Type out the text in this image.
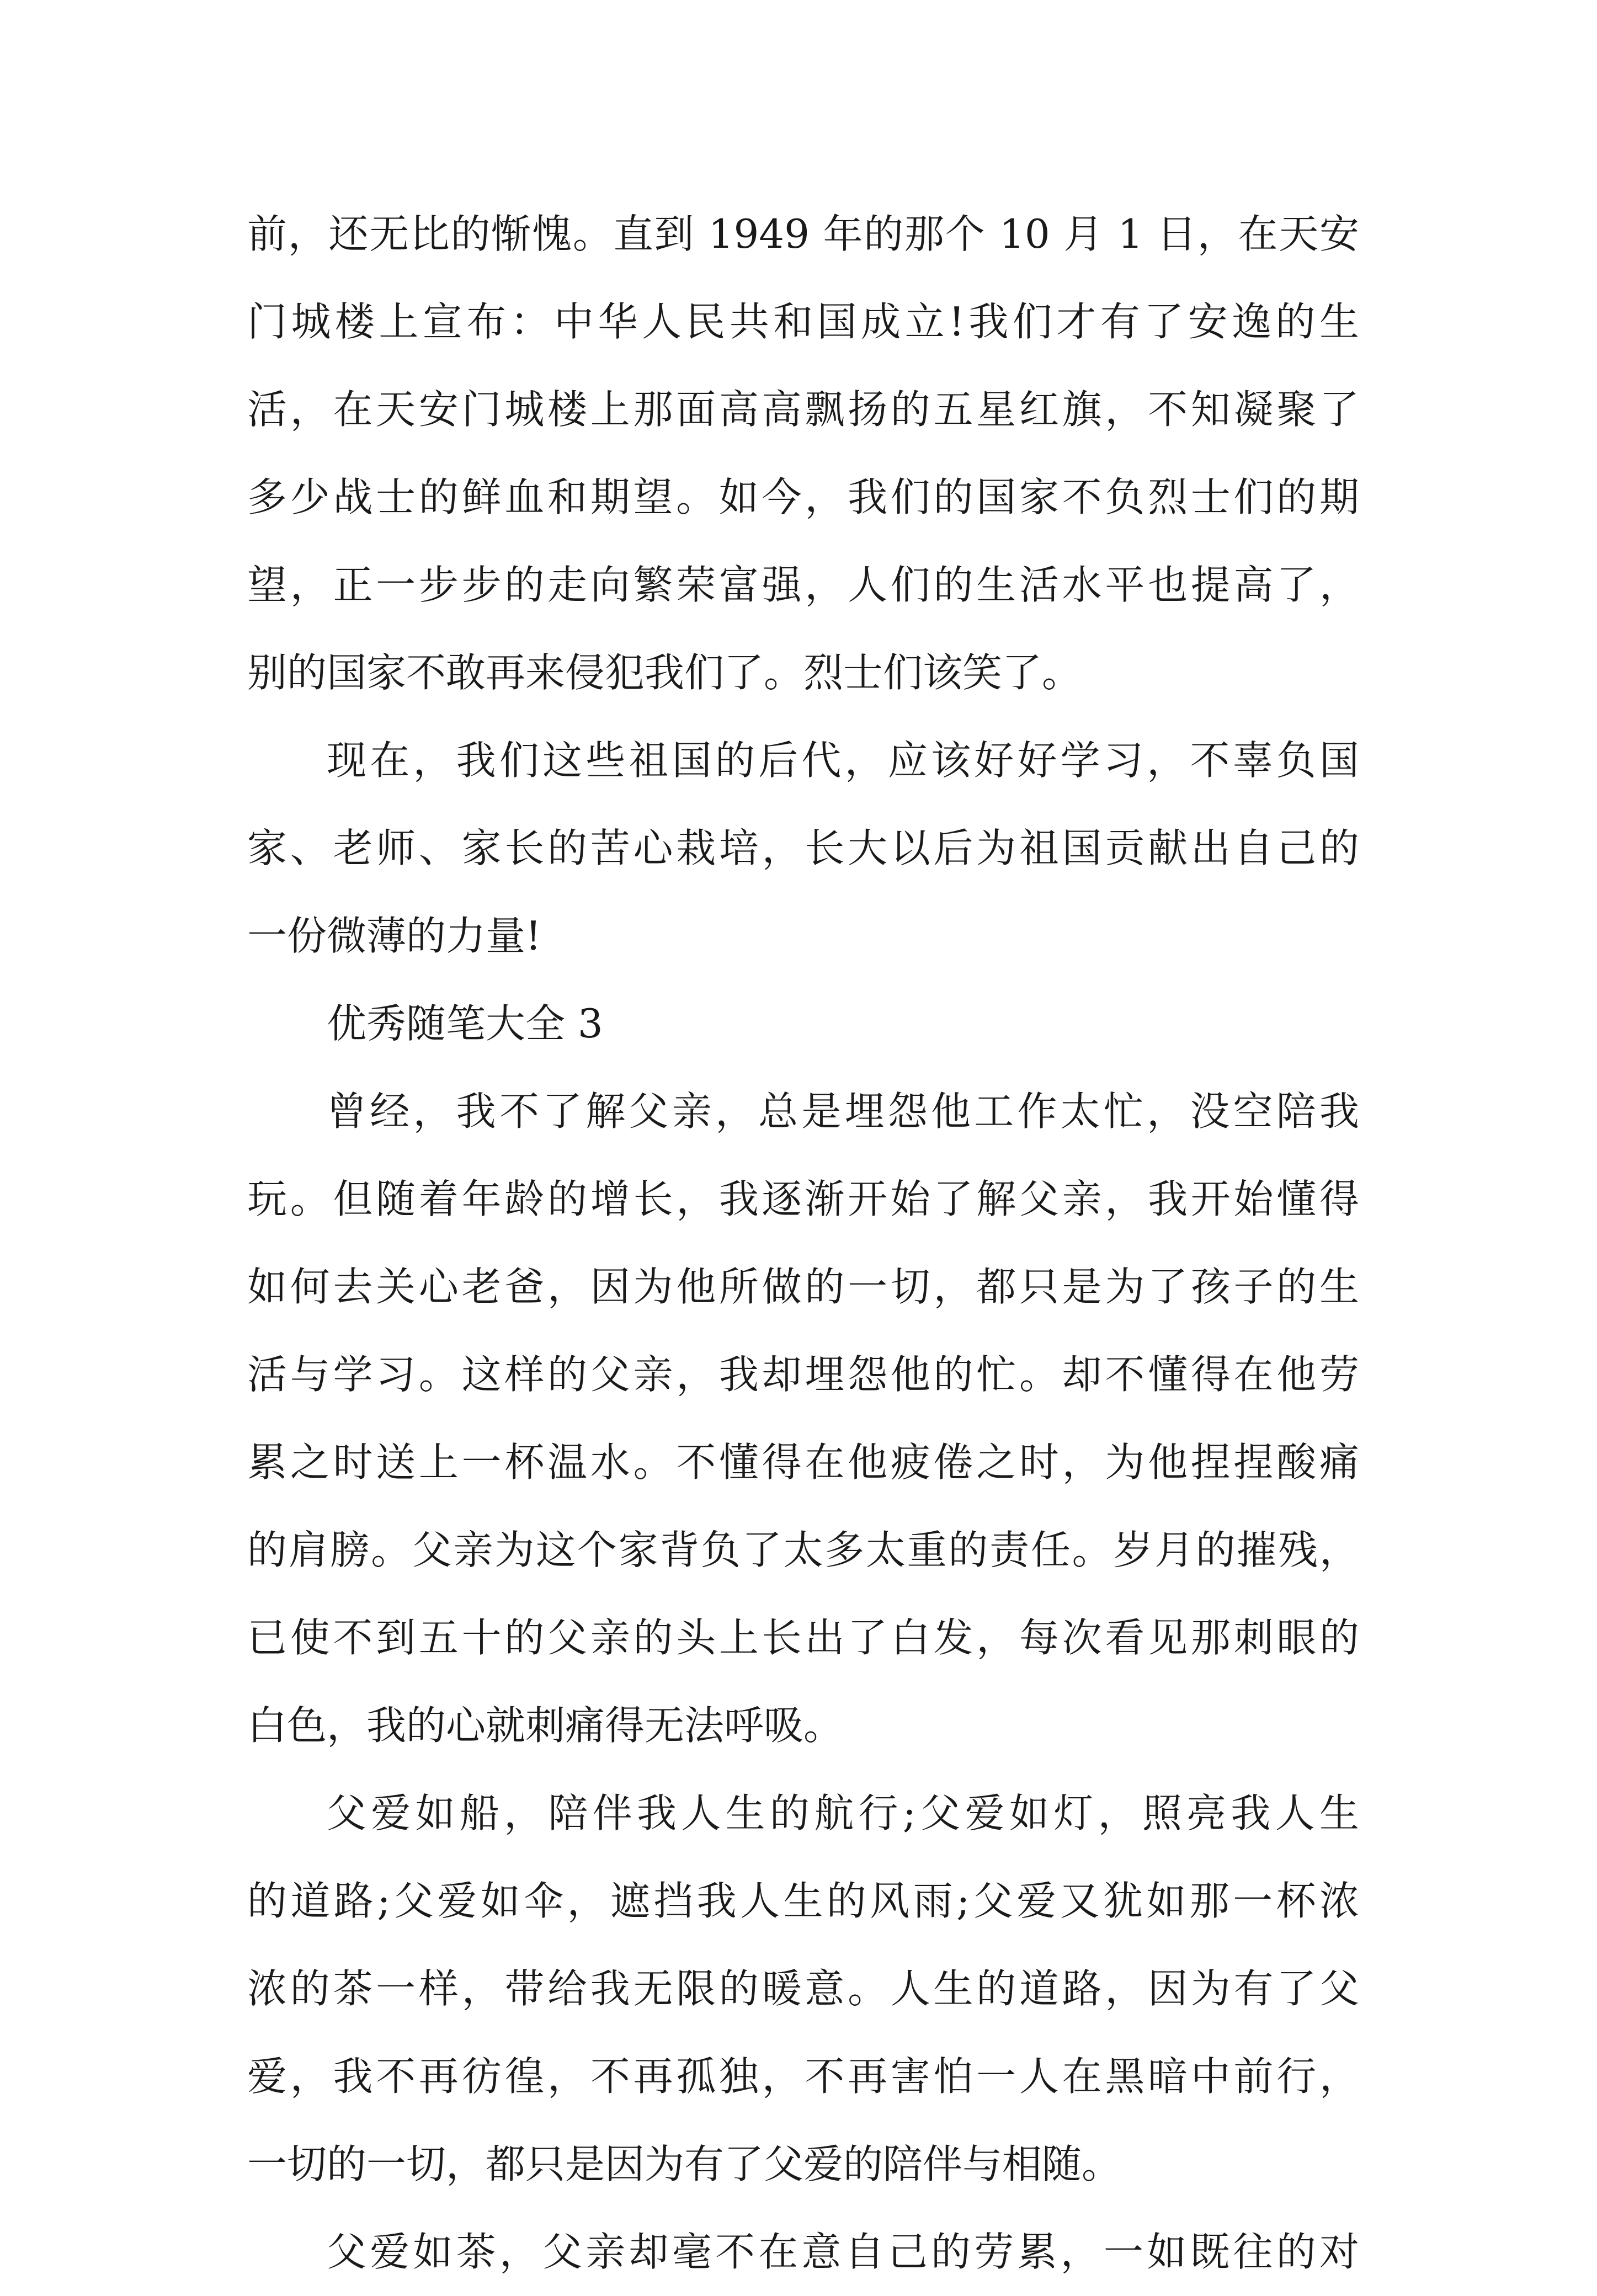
前，还无比的惭愧。直到 1949 年的那个 10 月 1 日，在天安
门城楼上宣布：中华人民共和国成立!我们才有了安逸的生
活，在天安门城楼上那面高高飘扬的五星红旗，不知凝聚了
多少战士的鲜血和期望。如今，我们的国家不负烈士们的期
望，正一步步的走向繁荣富强，人们的生活水平也提高了，
别的国家不敢再来侵犯我们了。烈士们该笑了。
现在，我们这些祖国的后代，应该好好学习，不辜负国
家、老师、家长的苦心栽培，长大以后为祖国贡献出自己的
一份微薄的力量!
优秀随笔大全 3
曾经，我不了解父亲，总是埋怨他工作太忙，没空陪我
玩。但随着年龄的增长，我逐渐开始了解父亲，我开始懂得
如何去关心老爸，因为他所做的一切，都只是为了孩子的生
活与学习。这样的父亲，我却埋怨他的忙。却不懂得在他劳
累之时送上一杯温水。不懂得在他疲倦之时，为他捏捏酸痛
的肩膀。父亲为这个家背负了太多太重的责任。岁月的摧残，
已使不到五十的父亲的头上长出了白发，每次看见那刺眼的
白色，我的心就刺痛得无法呼吸。
父爱如船，陪伴我人生的航行;父爱如灯，照亮我人生
的道路;父爱如伞，遮挡我人生的风雨;父爱又犹如那一杯浓
浓的茶一样，带给我无限的暖意。人生的道路，因为有了父
爱，我不再彷徨，不再孤独，不再害怕一人在黑暗中前行，
一切的一切，都只是因为有了父爱的陪伴与相随。
父爱如茶，父亲却毫不在意自己的劳累，一如既往的对
